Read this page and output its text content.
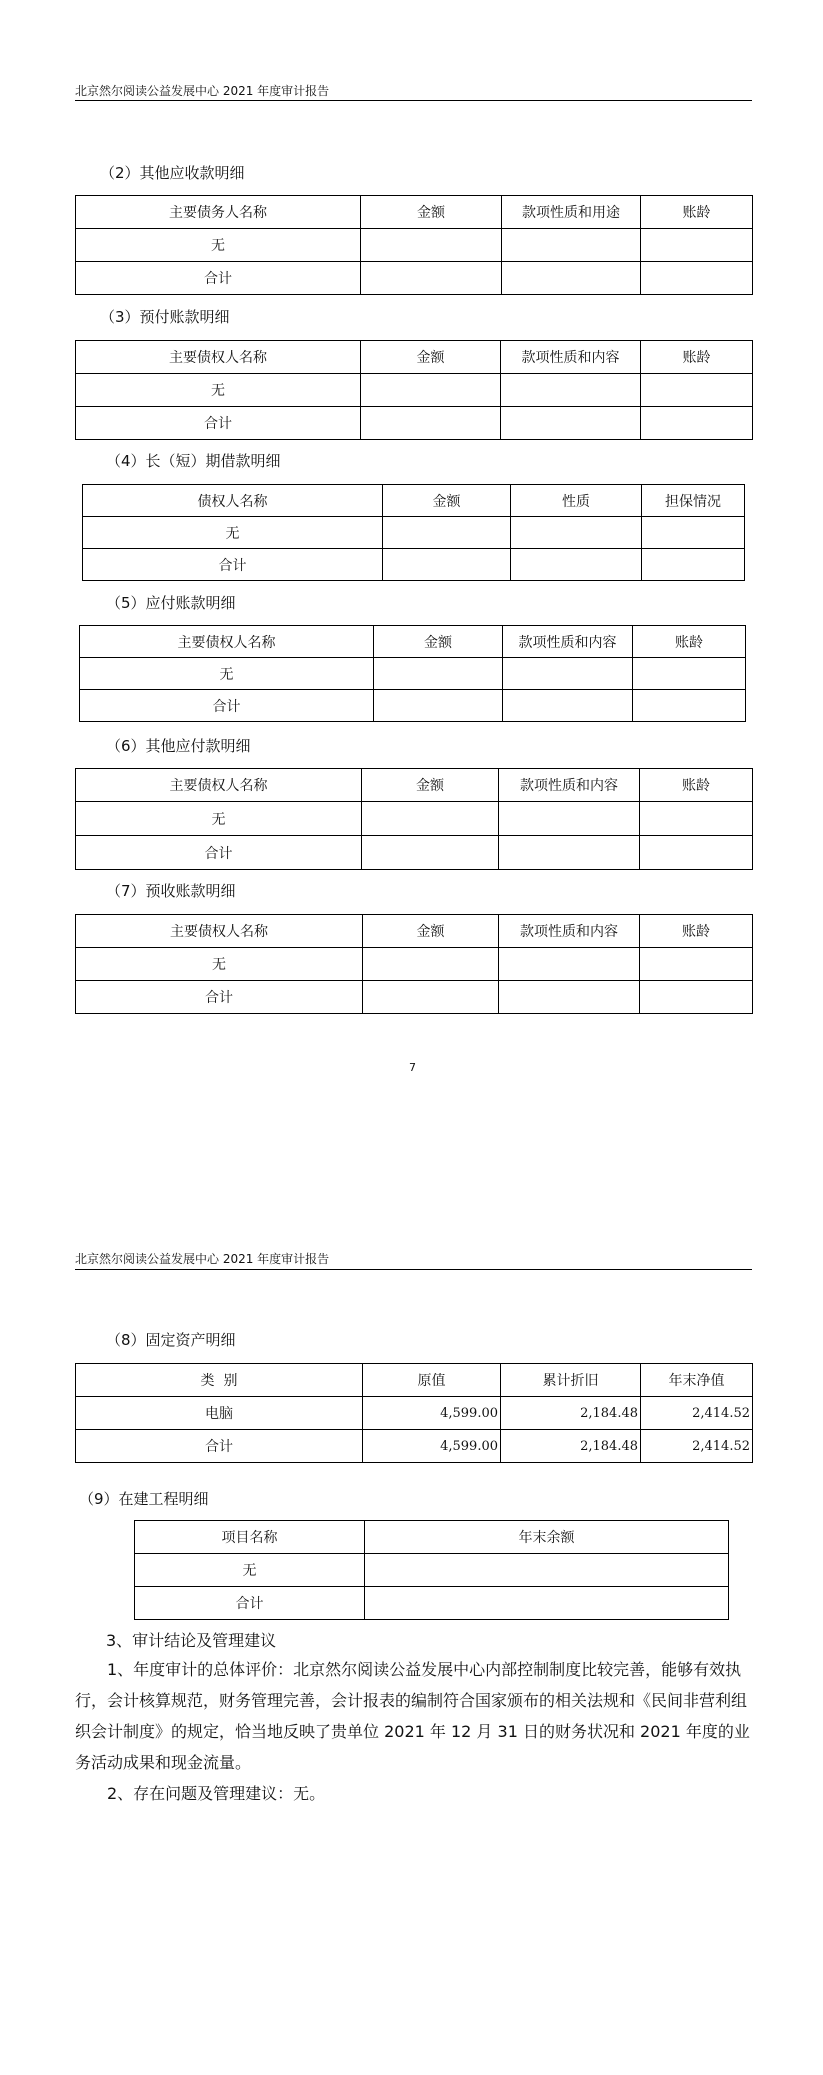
北京然尔阅读公益发展中心 2021 年度审计报告
（2）其他应收款明细
主要债务人名称	金额	款项性质和用途	账龄
无			
合计			
（3）预付账款明细
主要债权人名称	金额	款项性质和内容	账龄
无			
合计			
（4）长（短）期借款明细
债权人名称	金额	性质	担保情况
无			
合计			
（5）应付账款明细
主要债权人名称	金额	款项性质和内容	账龄
无			
合计			
（6）其他应付款明细
主要债权人名称	金额	款项性质和内容	账龄
无			
合计			
（7）预收账款明细
主要债权人名称	金额	款项性质和内容	账龄
无			
合计			
7
北京然尔阅读公益发展中心 2021 年度审计报告
（8）固定资产明细
类  别	原值	累计折旧	年末净值
电脑	4,599.00	2,184.48	2,414.52
合计	4,599.00	2,184.48	2,414.52
（9）在建工程明细
项目名称	年末余额
无	
合计	
3、审计结论及管理建议

1、年度审计的总体评价：北京然尔阅读公益发展中心内部控制制度比较完善，能够有效执行，会计核算规范，财务管理完善，会计报表的编制符合国家颁布的相关法规和《民间非营利组织会计制度》的规定，恰当地反映了贵单位 2021 年 12 月 31 日的财务状况和 2021 年度的业务活动成果和现金流量。

2、存在问题及管理建议：无。
